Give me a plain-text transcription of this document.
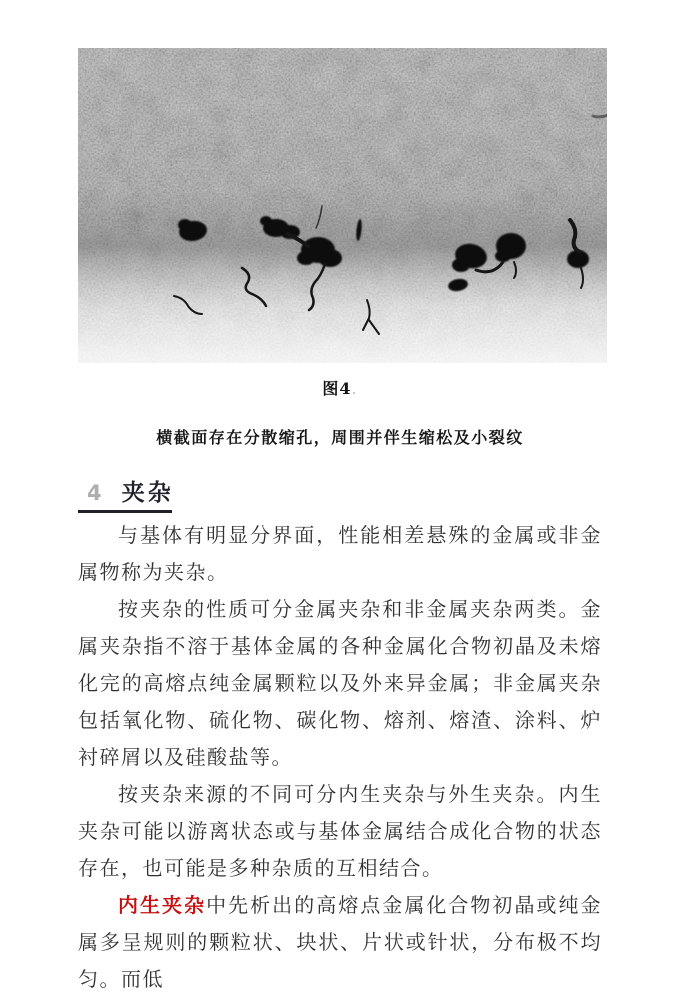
图4.
横截面存在分散缩孔，周围并伴生缩松及小裂纹
4 夹杂

与基体有明显分界面，性能相差悬殊的金属或非金属物称为夹杂。

按夹杂的性质可分金属夹杂和非金属夹杂两类。金属夹杂指不溶于基体金属的各种金属化合物初晶及未熔化完的高熔点纯金属颗粒以及外来异金属；非金属夹杂包括氧化物、硫化物、碳化物、熔剂、熔渣、涂料、炉衬碎屑以及硅酸盐等。

按夹杂来源的不同可分内生夹杂与外生夹杂。内生夹杂可能以游离状态或与基体金属结合成化合物的状态存在，也可能是多种杂质的互相结合。

内生夹杂中先析出的高熔点金属化合物初晶或纯金属多呈规则的颗粒状、块状、片状或针状，分布极不均匀。而低
